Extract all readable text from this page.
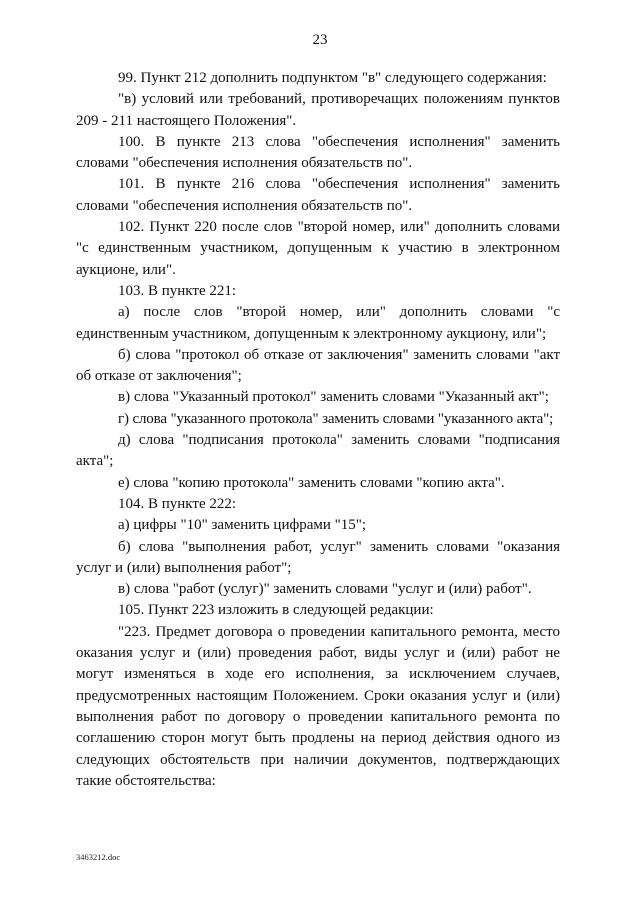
23

99. Пункт 212 дополнить подпунктом "в" следующего содержания:

"в) условий или требований, противоречащих положениям пунктов 209 - 211 настоящего Положения".

100. В пункте 213 слова "обеспечения исполнения" заменить словами "обеспечения исполнения обязательств по".

101. В пункте 216 слова "обеспечения исполнения" заменить словами "обеспечения исполнения обязательств по".

102. Пункт 220 после слов "второй номер, или" дополнить словами "с единственным участником, допущенным к участию в электронном аукционе, или".

103. В пункте 221:

а) после слов "второй номер, или" дополнить словами "с единственным участником, допущенным к электронному аукциону, или";

б) слова "протокол об отказе от заключения" заменить словами "акт об отказе от заключения";

в) слова "Указанный протокол" заменить словами "Указанный акт";

г) слова "указанного протокола" заменить словами "указанного акта";

д) слова "подписания протокола" заменить словами "подписания акта";

е) слова "копию протокола" заменить словами "копию акта".

104. В пункте 222:

а) цифры "10" заменить цифрами "15";

б) слова "выполнения работ, услуг" заменить словами "оказания услуг и (или) выполнения работ";

в) слова "работ (услуг)" заменить словами "услуг и (или) работ".

105. Пункт 223 изложить в следующей редакции:

"223. Предмет договора о проведении капитального ремонта, место оказания услуг и (или) проведения работ, виды услуг и (или) работ не могут изменяться в ходе его исполнения, за исключением случаев, предусмотренных настоящим Положением. Сроки оказания услуг и (или) выполнения работ по договору о проведении капитального ремонта по соглашению сторон могут быть продлены на период действия одного из следующих обстоятельств при наличии документов, подтверждающих такие обстоятельства:

3463212.doc
